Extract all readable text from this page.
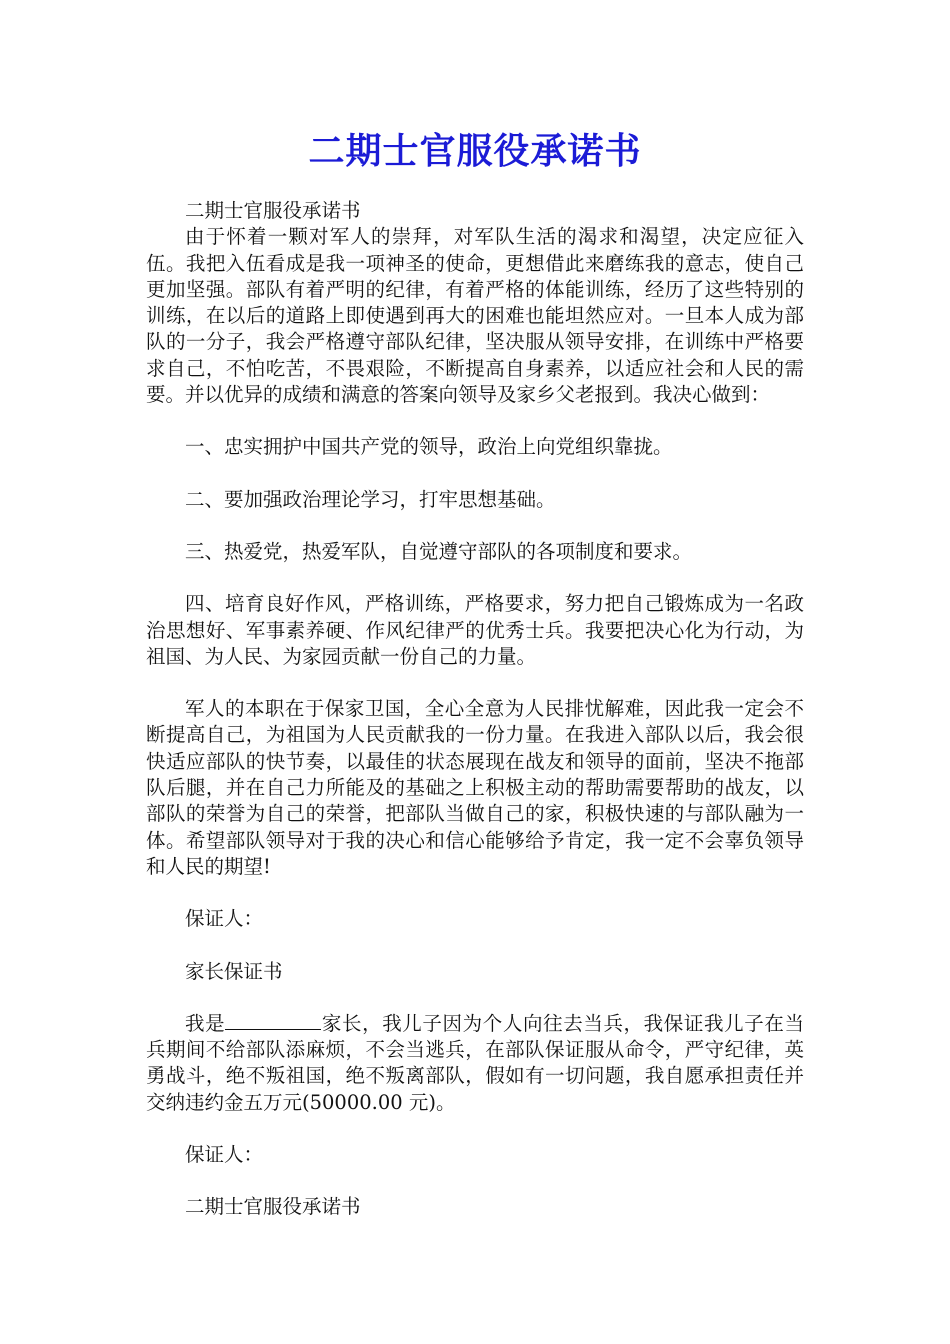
二期士官服役承诺书

二期士官服役承诺书

由于怀着一颗对军人的崇拜，对军队生活的渴求和渴望，决定应征入伍。我把入伍看成是我一项神圣的使命，更想借此来磨练我的意志，使自己更加坚强。部队有着严明的纪律，有着严格的体能训练，经历了这些特别的训练，在以后的道路上即使遇到再大的困难也能坦然应对。一旦本人成为部队的一分子，我会严格遵守部队纪律，坚决服从领导安排，在训练中严格要求自己，不怕吃苦，不畏艰险，不断提高自身素养，以适应社会和人民的需要。并以优异的成绩和满意的答案向领导及家乡父老报到。我决心做到：

一、忠实拥护中国共产党的领导，政治上向党组织靠拢。

二、要加强政治理论学习，打牢思想基础。

三、热爱党，热爱军队，自觉遵守部队的各项制度和要求。

四、培育良好作风，严格训练，严格要求，努力把自己锻炼成为一名政治思想好、军事素养硬、作风纪律严的优秀士兵。我要把决心化为行动，为祖国、为人民、为家园贡献一份自己的力量。

军人的本职在于保家卫国，全心全意为人民排忧解难，因此我一定会不断提高自己，为祖国为人民贡献我的一份力量。在我进入部队以后，我会很快适应部队的快节奏，以最佳的状态展现在战友和领导的面前，坚决不拖部队后腿，并在自己力所能及的基础之上积极主动的帮助需要帮助的战友，以部队的荣誉为自己的荣誉，把部队当做自己的家，积极快速的与部队融为一体。希望部队领导对于我的决心和信心能够给予肯定，我一定不会辜负领导和人民的期望!

保证人：

家长保证书

我是	家长，我儿子因为个人向往去当兵，我保证我儿子在当兵期间不给部队添麻烦，不会当逃兵，在部队保证服从命令，严守纪律，英勇战斗，绝不叛祖国，绝不叛离部队，假如有一切问题，我自愿承担责任并交纳违约金五万元(50000.00 元)。

保证人：

二期士官服役承诺书
